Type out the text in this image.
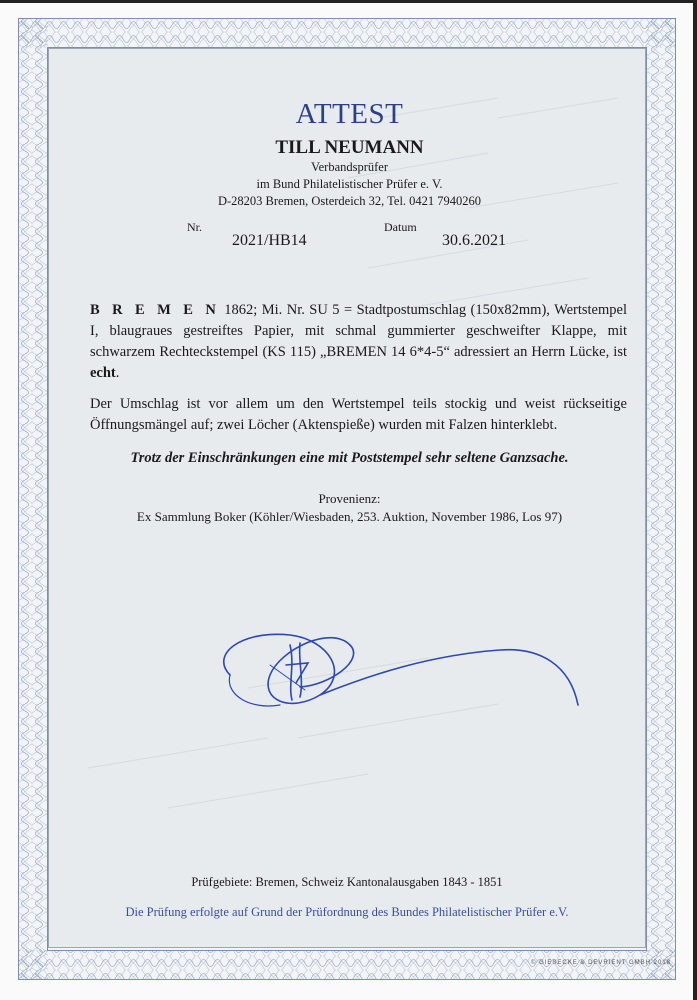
ATTEST
TILL NEUMANN
Verbandsprüfer
im Bund Philatelistischer Prüfer e. V.
D-28203 Bremen, Osterdeich 32, Tel. 0421 7940260
Nr.
2021/HB14
Datum
30.6.2021

B R E M E N 1862; Mi. Nr. SU 5 = Stadtpostumschlag (150x82mm), Wertstempel I, blaugraues gestreiftes Papier, mit schmal gummierter geschweifter Klappe, mit schwarzem Rechteckstempel (KS 115) „BREMEN 14 6*4-5“ adressiert an Herrn Lücke, ist echt.

Der Umschlag ist vor allem um den Wertstempel teils stockig und weist rückseitige Öffnungsmängel auf; zwei Löcher (Aktenspieße) wurden mit Falzen hinterklebt.

Trotz der Einschränkungen eine mit Poststempel sehr seltene Ganzsache.
Provenienz:
Ex Sammlung Boker (Köhler/Wiesbaden, 253. Auktion, November 1986, Los 97)
Prüfgebiete: Bremen, Schweiz Kantonalausgaben 1843 - 1851
Die Prüfung erfolgte auf Grund der Prüfordnung des Bundes Philatelistischer Prüfer e.V.
© GIESECKE & DEVRIENT GMBH 2018
